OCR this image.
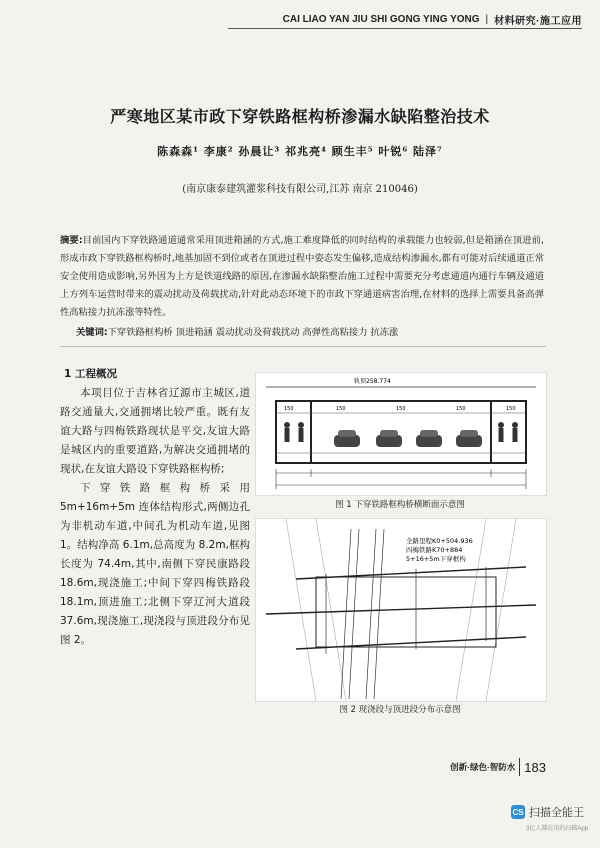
CAI LIAO YAN JIU SHI GONG YING YONG | 材料研究·施工应用
严寒地区某市政下穿铁路框构桥渗漏水缺陷整治技术
陈森森¹ 李康² 孙晨让³ 祁兆亮⁴ 顾生丰⁵ 叶锐⁶ 陆泽⁷
(南京康泰建筑灌浆科技有限公司,江苏 南京 210046)
摘要:目前国内下穿铁路通道通常采用顶进箱涵的方式,施工难度降低的同时结构的承载能力也较弱,但是箱涵在顶进前,形成市政下穿铁路框构桥时,地基加固不到位或者在顶进过程中姿态发生偏移,造成结构渗漏水,都有可能对后续通道正常安全使用造成影响,另外因为上方是铁道线路的原因,在渗漏水缺陷整治施工过程中需要充分考虑通道内通行车辆及通道上方列车运营时带来的震动扰动及荷载扰动,针对此动态环境下的市政下穿通道病害治理,在材料的选择上需要具备高弹性高粘接力抗冻涨等特性。
关键词:下穿铁路框构桥 顶进箱涵 震动扰动及荷载扰动 高弹性高粘接力 抗冻涨
1 工程概况

本项目位于吉林省辽源市主城区,道路交通量大,交通拥堵比较严重。既有友谊大路与四梅铁路现状是平交,友谊大路是城区内的重要道路,为解决交通拥堵的现状,在友谊大路设下穿铁路框构桥;

下穿铁路框构桥采用 5m+16m+5m 连体结构形式,两侧边孔为非机动车道,中间孔为机动车道,见图 1。结构净高 6.1m,总高度为 8.2m,框构长度为 74.4m,其中,南侧下穿民康路段 18.6m,现浇施工;中间下穿四梅铁路段 18.1m,顶进施工;北侧下穿辽河大道段 37.6m,现浇施工,现浇段与顶进段分布见图 2。

轨顶258.774
150	150	150	150	150
图 1 下穿铁路框构桥横断面示意图
全路里程K0+504.936
四梅铁路K70+884
5+16+5m下穿框构
图 2 现浇段与顶进段分布示意图
创新·绿色·智防水 183
CS 扫描全能王
3亿人都在用的扫描App
